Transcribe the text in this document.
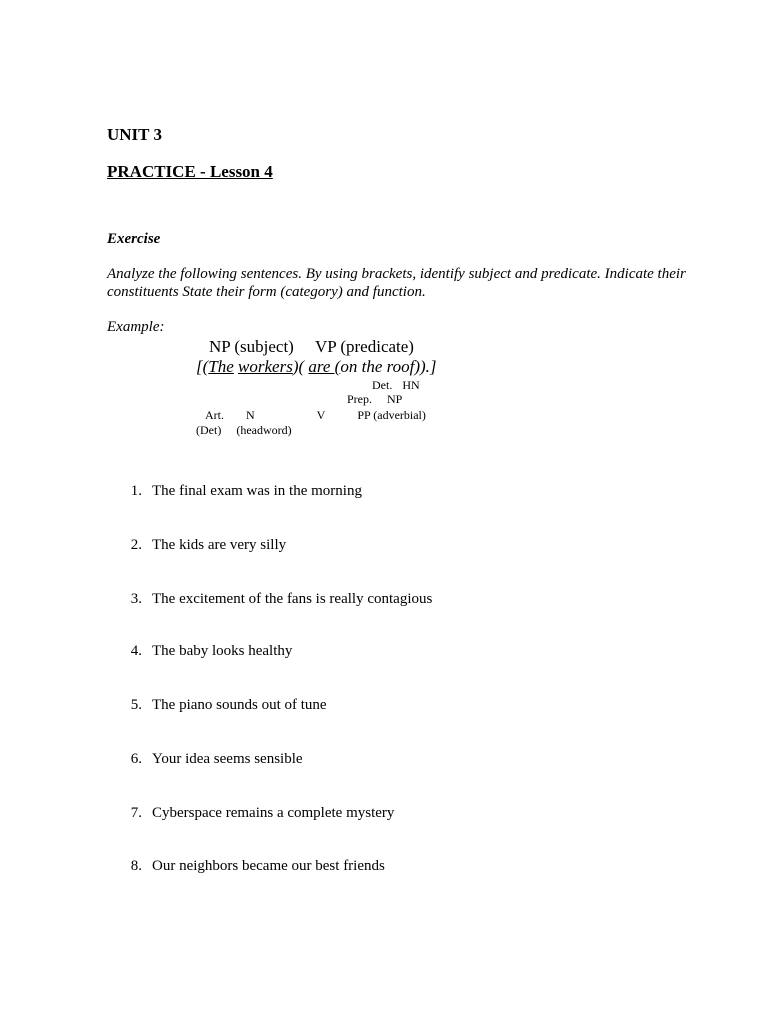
UNIT 3
PRACTICE - Lesson 4
Exercise
Analyze the following sentences. By using brackets, identify subject and predicate. Indicate their constituents State their form (category) and function.
Example:
NP (subject) VP (predicate)
[(The workers)( are (on the roof)).]
Det. HN
Prep. NP
Art. N	V	PP (adverbial)
(Det) (headword)
1. The final exam was in the morning
2. The kids are very silly
3. The excitement of the fans is really contagious
4. The baby looks healthy
5. The piano sounds out of tune
6. Your idea seems sensible
7. Cyberspace remains a complete mystery
8. Our neighbors became our best friends
